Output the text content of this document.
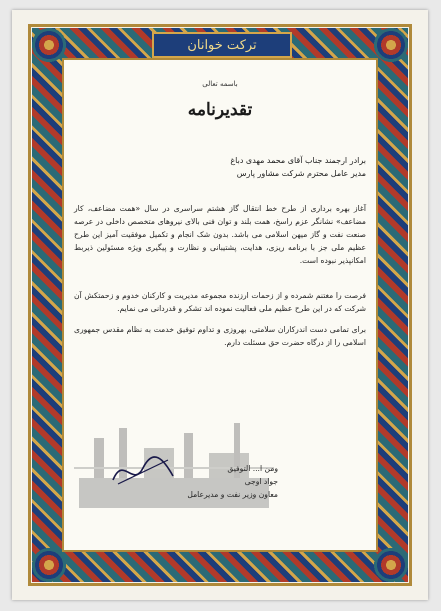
ترکت خوانان
باسمه تعالی
تقدیرنامه
برادر ارجمند جناب آقای محمد مهدی دباغ
مدیر عامل محترم شرکت مشاور پارس
آغاز بهره برداری از طرح خط انتقال گاز هشتم سراسری در سال «همت مضاعف، کار مضاعف» نشانگر عزم راسخ، همت بلند و توان فنی بالای نیروهای متخصص داخلی در عرصه صنعت نفت و گاز میهن اسلامی می باشد. بدون شک انجام و تکمیل موفقیت آمیز این طرح عظیم ملی جز با برنامه ریزی، هدایت، پشتیبانی و نظارت و پیگیری ویژه مسئولین ذیربط امکانپذیر نبوده است.
فرصت را مغتنم شمرده و از زحمات ارزنده مجموعه مدیریت و کارکنان خدوم و زحمتکش آن شرکت که در این طرح عظیم ملی فعالیت نموده اند تشکر و قدردانی می نمایم.
برای تمامی دست اندرکاران سلامتی، بهروزی و تداوم توفیق خدمت به نظام مقدس جمهوری اسلامی را از درگاه حضرت حق مسئلت دارم.
ومن ا... التوفیق
جواد اوجی
معاون وزیر نفت و مدیرعامل
